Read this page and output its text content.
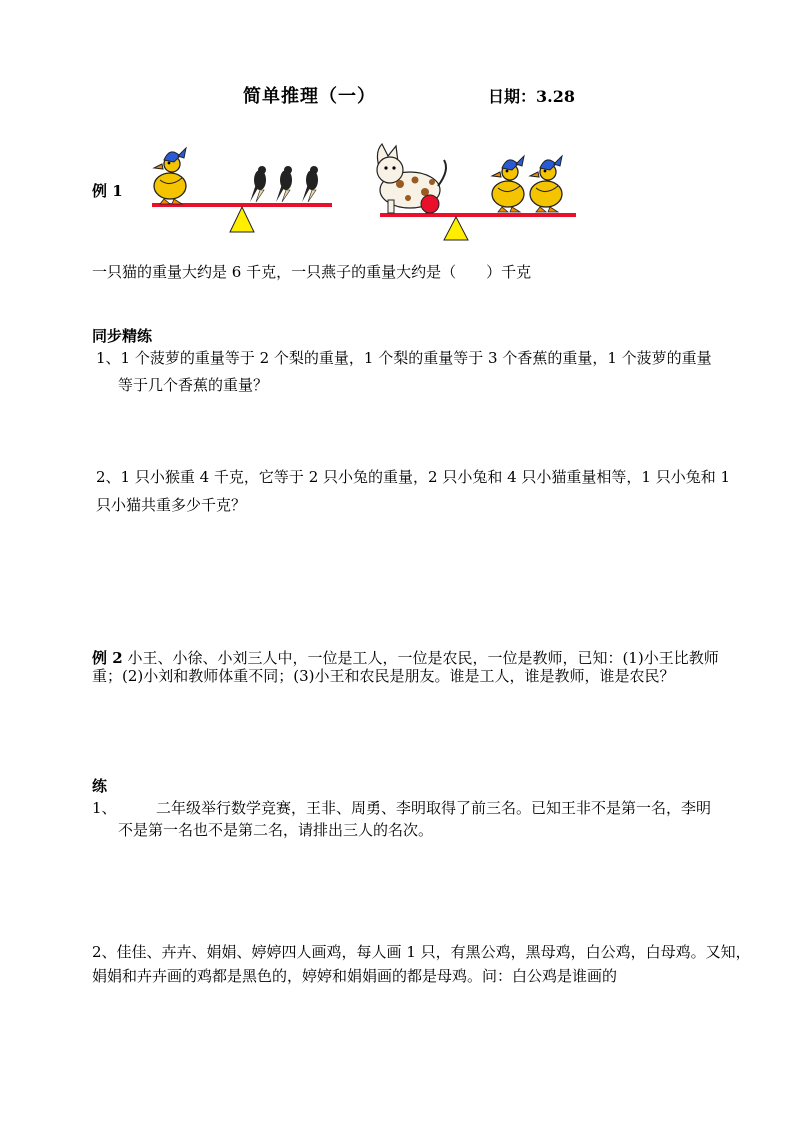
简单推理（一）	日期：3.28
例 1
一只猫的重量大约是 6 千克，一只燕子的重量大约是（　　）千克
同步精练
1、1 个菠萝的重量等于 2 个梨的重量，1 个梨的重量等于 3 个香蕉的重量，1 个菠萝的重量
等于几个香蕉的重量？
2、1 只小猴重 4 千克，它等于 2 只小兔的重量，2 只小兔和 4 只小猫重量相等，1 只小兔和 1
只小猫共重多少千克？
例 2 小王、小徐、小刘三人中，一位是工人，一位是农民，一位是教师，已知：(1)小王比教师
重；(2)小刘和教师体重不同；(3)小王和农民是朋友。谁是工人，谁是教师，谁是农民？
练
1、	二年级举行数学竞赛，王非、周勇、李明取得了前三名。已知王非不是第一名，李明
不是第一名也不是第二名，请排出三人的名次。
2、佳佳、卉卉、娟娟、婷婷四人画鸡，每人画 1 只，有黑公鸡，黑母鸡，白公鸡，白母鸡。又知，
娟娟和卉卉画的鸡都是黑色的，婷婷和娟娟画的都是母鸡。问：白公鸡是谁画的
